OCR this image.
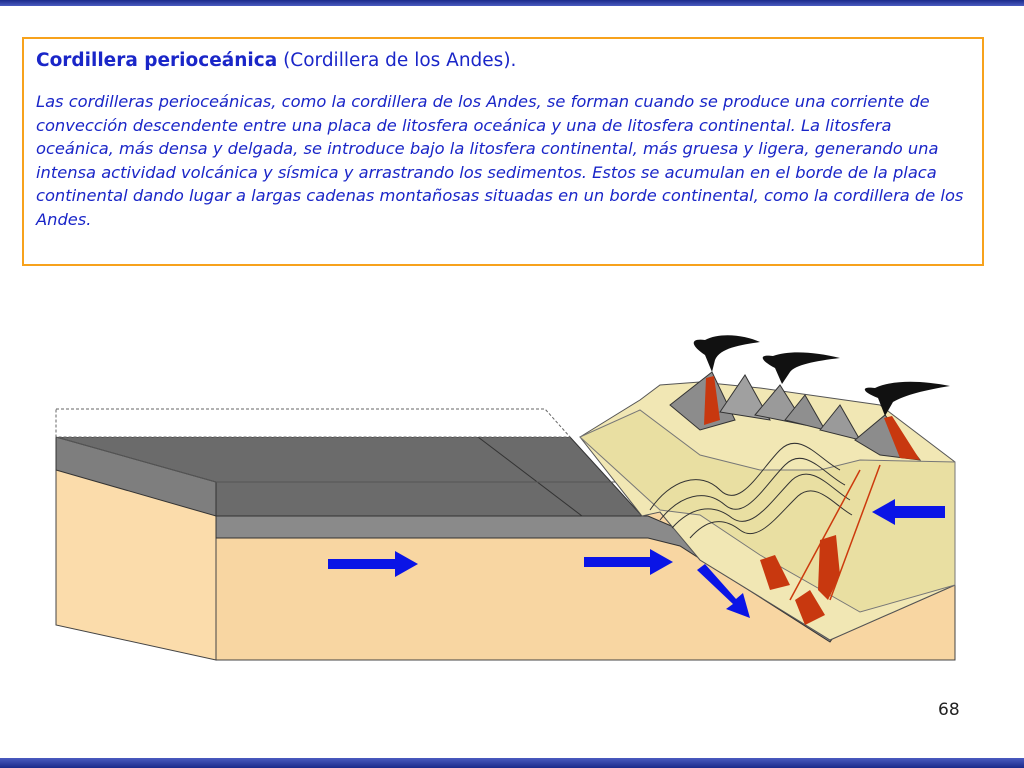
Cordillera perioceánica (Cordillera de los Andes).

Las cordilleras perioceánicas, como la cordillera de los Andes, se forman cuando se produce una corriente de convección descendente entre una placa de litosfera oceánica y una de litosfera continental. La litosfera oceánica, más densa y delgada, se introduce bajo la litosfera continental, más gruesa y ligera, generando una intensa actividad volcánica y sísmica y arrastrando los sedimentos. Estos se acumulan en el borde de la placa continental dando lugar a largas cadenas montañosas situadas en un borde continental, como la cordillera de los Andes.

68
